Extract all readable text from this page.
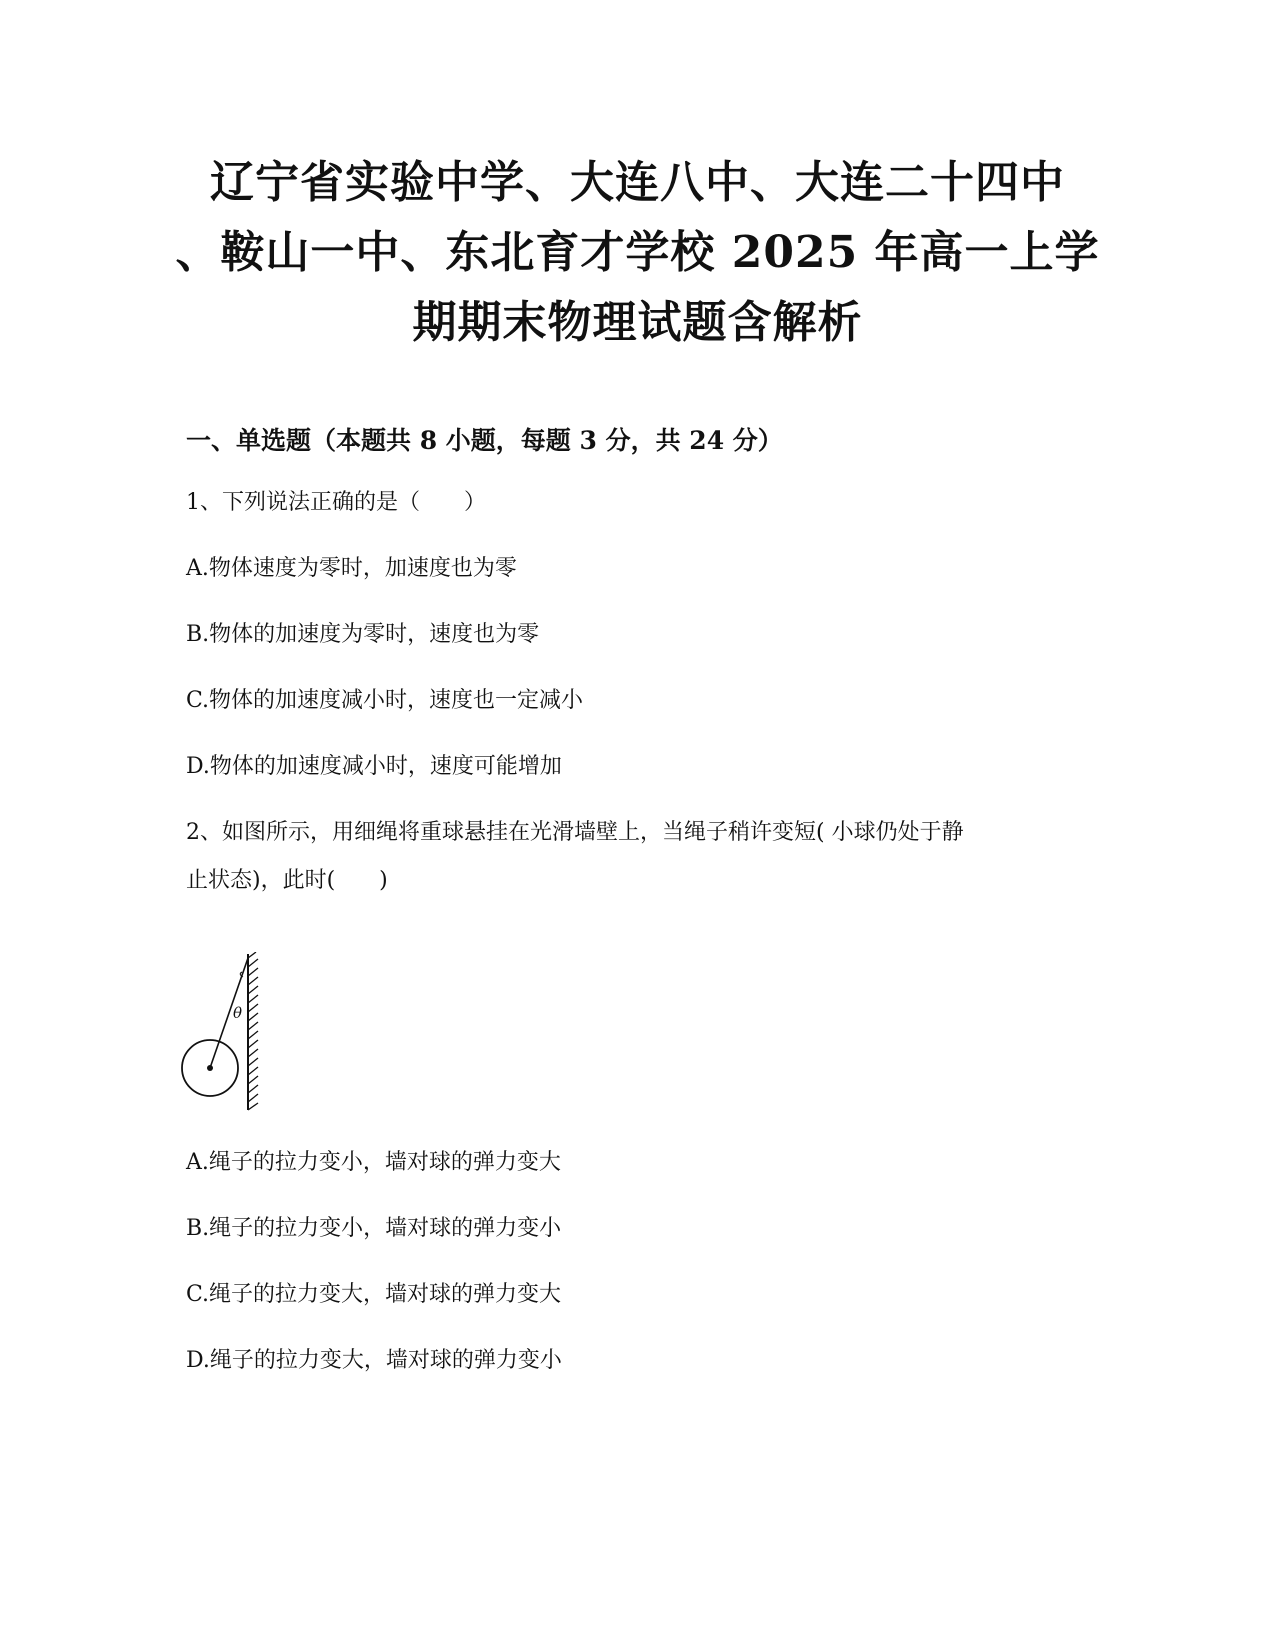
辽宁省实验中学、大连八中、大连二十四中
、鞍山一中、东北育才学校 2025 年高一上学
期期末物理试题含解析
一、单选题（本题共 8 小题，每题 3 分，共 24 分）
1、下列说法正确的是（　　）
A.物体速度为零时，加速度也为零
B.物体的加速度为零时，速度也为零
C.物体的加速度减小时，速度也一定减小
D.物体的加速度减小时，速度可能增加
2、如图所示，用细绳将重球悬挂在光滑墙壁上，当绳子稍许变短( 小球仍处于静
止状态)，此时(　　)
θ
A.绳子的拉力变小，墙对球的弹力变大
B.绳子的拉力变小，墙对球的弹力变小
C.绳子的拉力变大，墙对球的弹力变大
D.绳子的拉力变大，墙对球的弹力变小
